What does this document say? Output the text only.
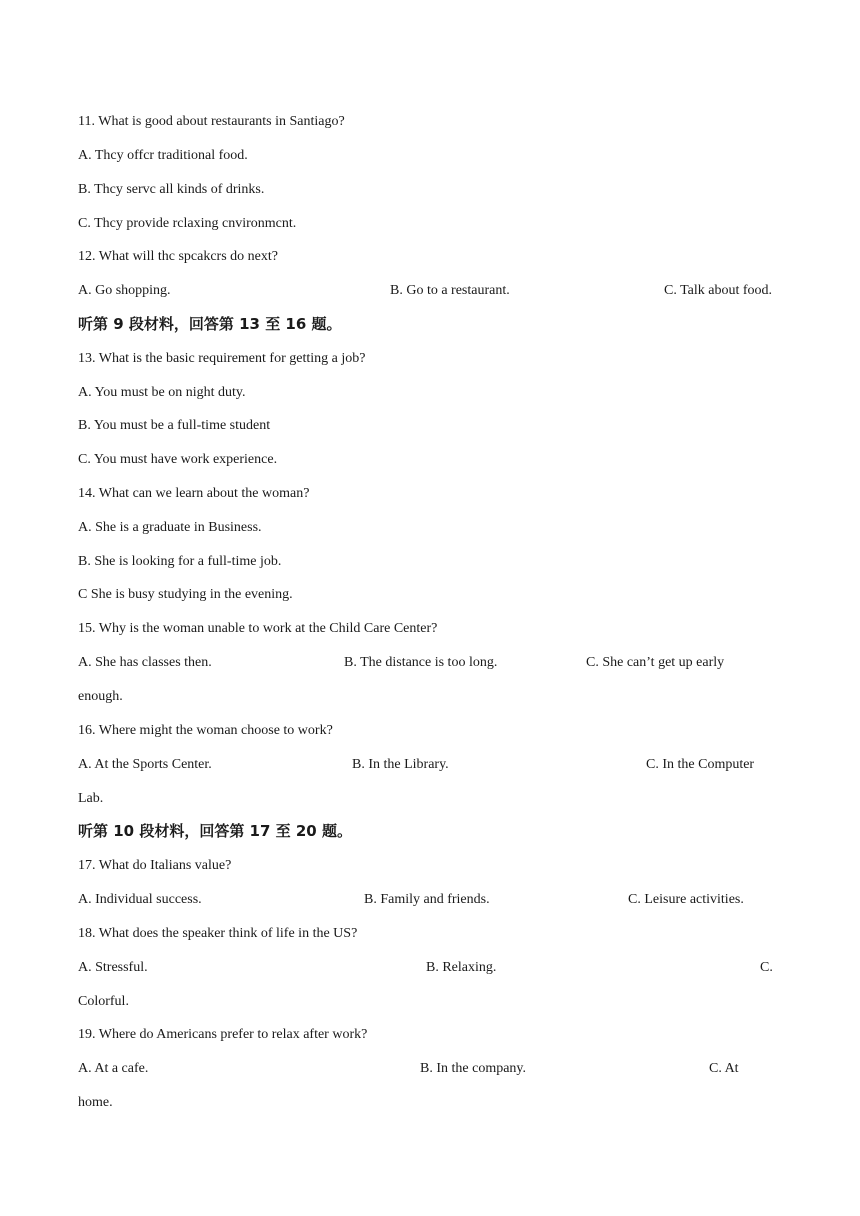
11. What is good about restaurants in Santiago?
A. Thcy offcr traditional food.
B. Thcy servc all kinds of drinks.
C. Thcy provide rclaxing cnvironmcnt.
12. What will thc spcakcrs do next?
A. Go shopping.	B. Go to a restaurant.	C. Talk about food.
听第 9 段材料，回答第 13 至 16 题。
13. What is the basic requirement for getting a job?
A. You must be on night duty.
B. You must be a full-time student
C. You must have work experience.
14. What can we learn about the woman?
A. She is a graduate in Business.
B. She is looking for a full-time job.
C She is busy studying in the evening.
15. Why is the woman unable to work at the Child Care Center?
A. She has classes then.	B. The distance is too long.	C. She can’t get up early
enough.
16. Where might the woman choose to work?
A. At the Sports Center.	B. In the Library.	C. In the Computer
Lab.
听第 10 段材料，回答第 17 至 20 题。
17. What do Italians value?
A. Individual success.	B. Family and friends.	C. Leisure activities.
18. What does the speaker think of life in the US?
A. Stressful.	B. Relaxing.	C.
Colorful.
19. Where do Americans prefer to relax after work?
A. At a cafe.	B. In the company.	C. At
home.
